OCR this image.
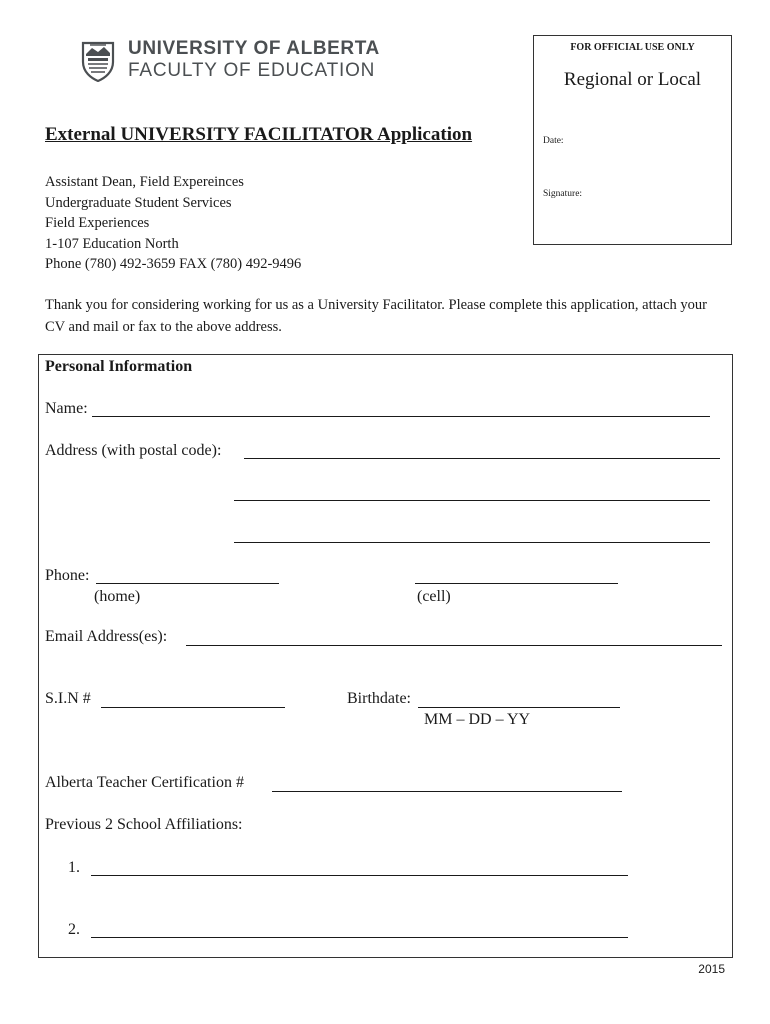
UNIVERSITY OF ALBERTA
FACULTY OF EDUCATION
FOR OFFICIAL USE ONLY
Regional or Local
Date:
Signature:
External UNIVERSITY FACILITATOR Application
Assistant Dean, Field Expereinces
Undergraduate Student Services
Field Experiences
1-107 Education North
Phone (780) 492-3659 FAX (780) 492-9496
Thank you for considering working for us as a University Facilitator. Please complete this application, attach your CV and mail or fax to the above address.
Personal Information
Name:
Address (with postal code):
Phone:
(home)	(cell)
Email Address(es):
S.I.N #	Birthdate:
MM – DD – YY
Alberta Teacher Certification #
Previous 2 School Affiliations:
1.
2.
2015
